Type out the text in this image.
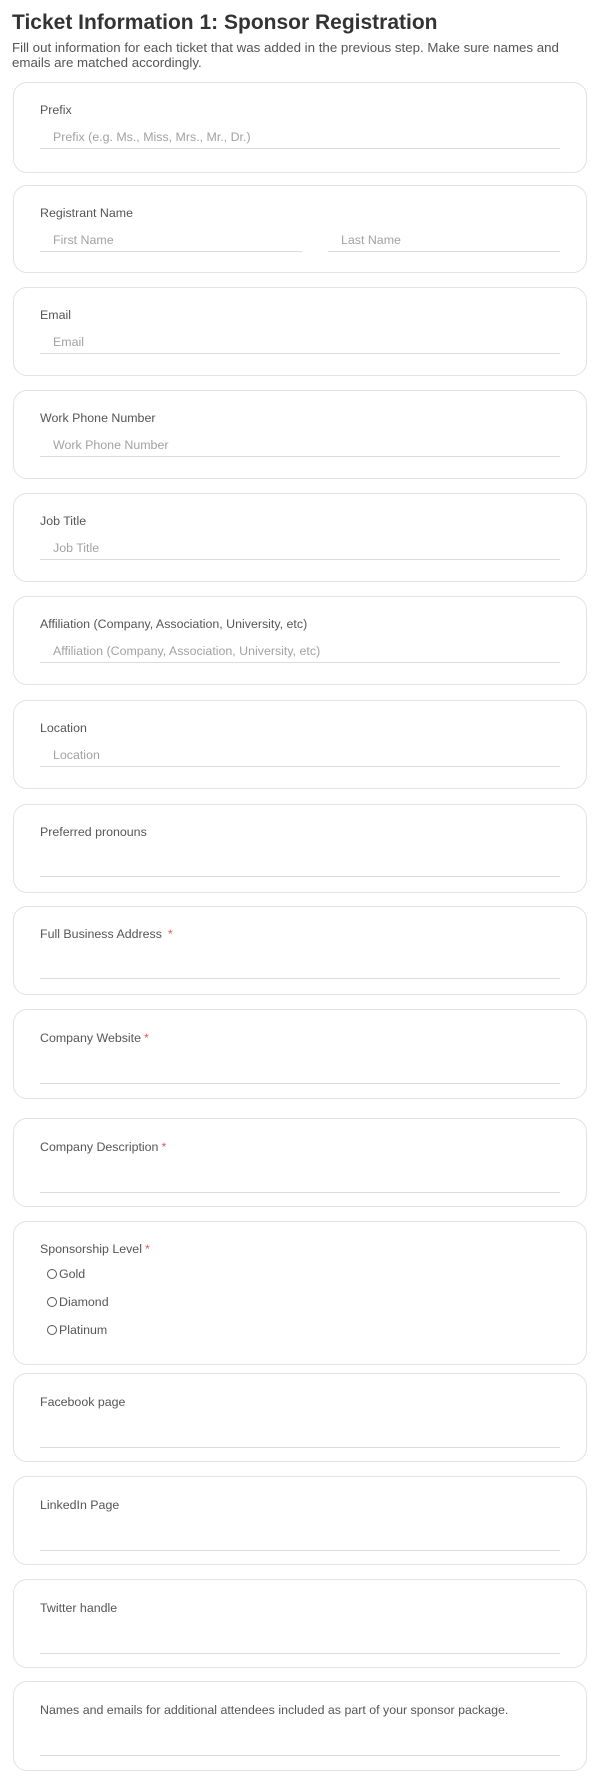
Ticket Information 1: Sponsor Registration
Fill out information for each ticket that was added in the previous step. Make sure names and emails are matched accordingly.
Prefix
Prefix (e.g. Ms., Miss, Mrs., Mr., Dr.)
Registrant Name
First Name
Last Name
Email
Email
Work Phone Number
Work Phone Number
Job Title
Job Title
Affiliation (Company, Association, University, etc)
Affiliation (Company, Association, University, etc)
Location
Location
Preferred pronouns
Full Business Address *
Company Website *
Company Description *
Sponsorship Level *
Gold
Diamond
Platinum
Facebook page
LinkedIn Page
Twitter handle
Names and emails for additional attendees included as part of your sponsor package.
